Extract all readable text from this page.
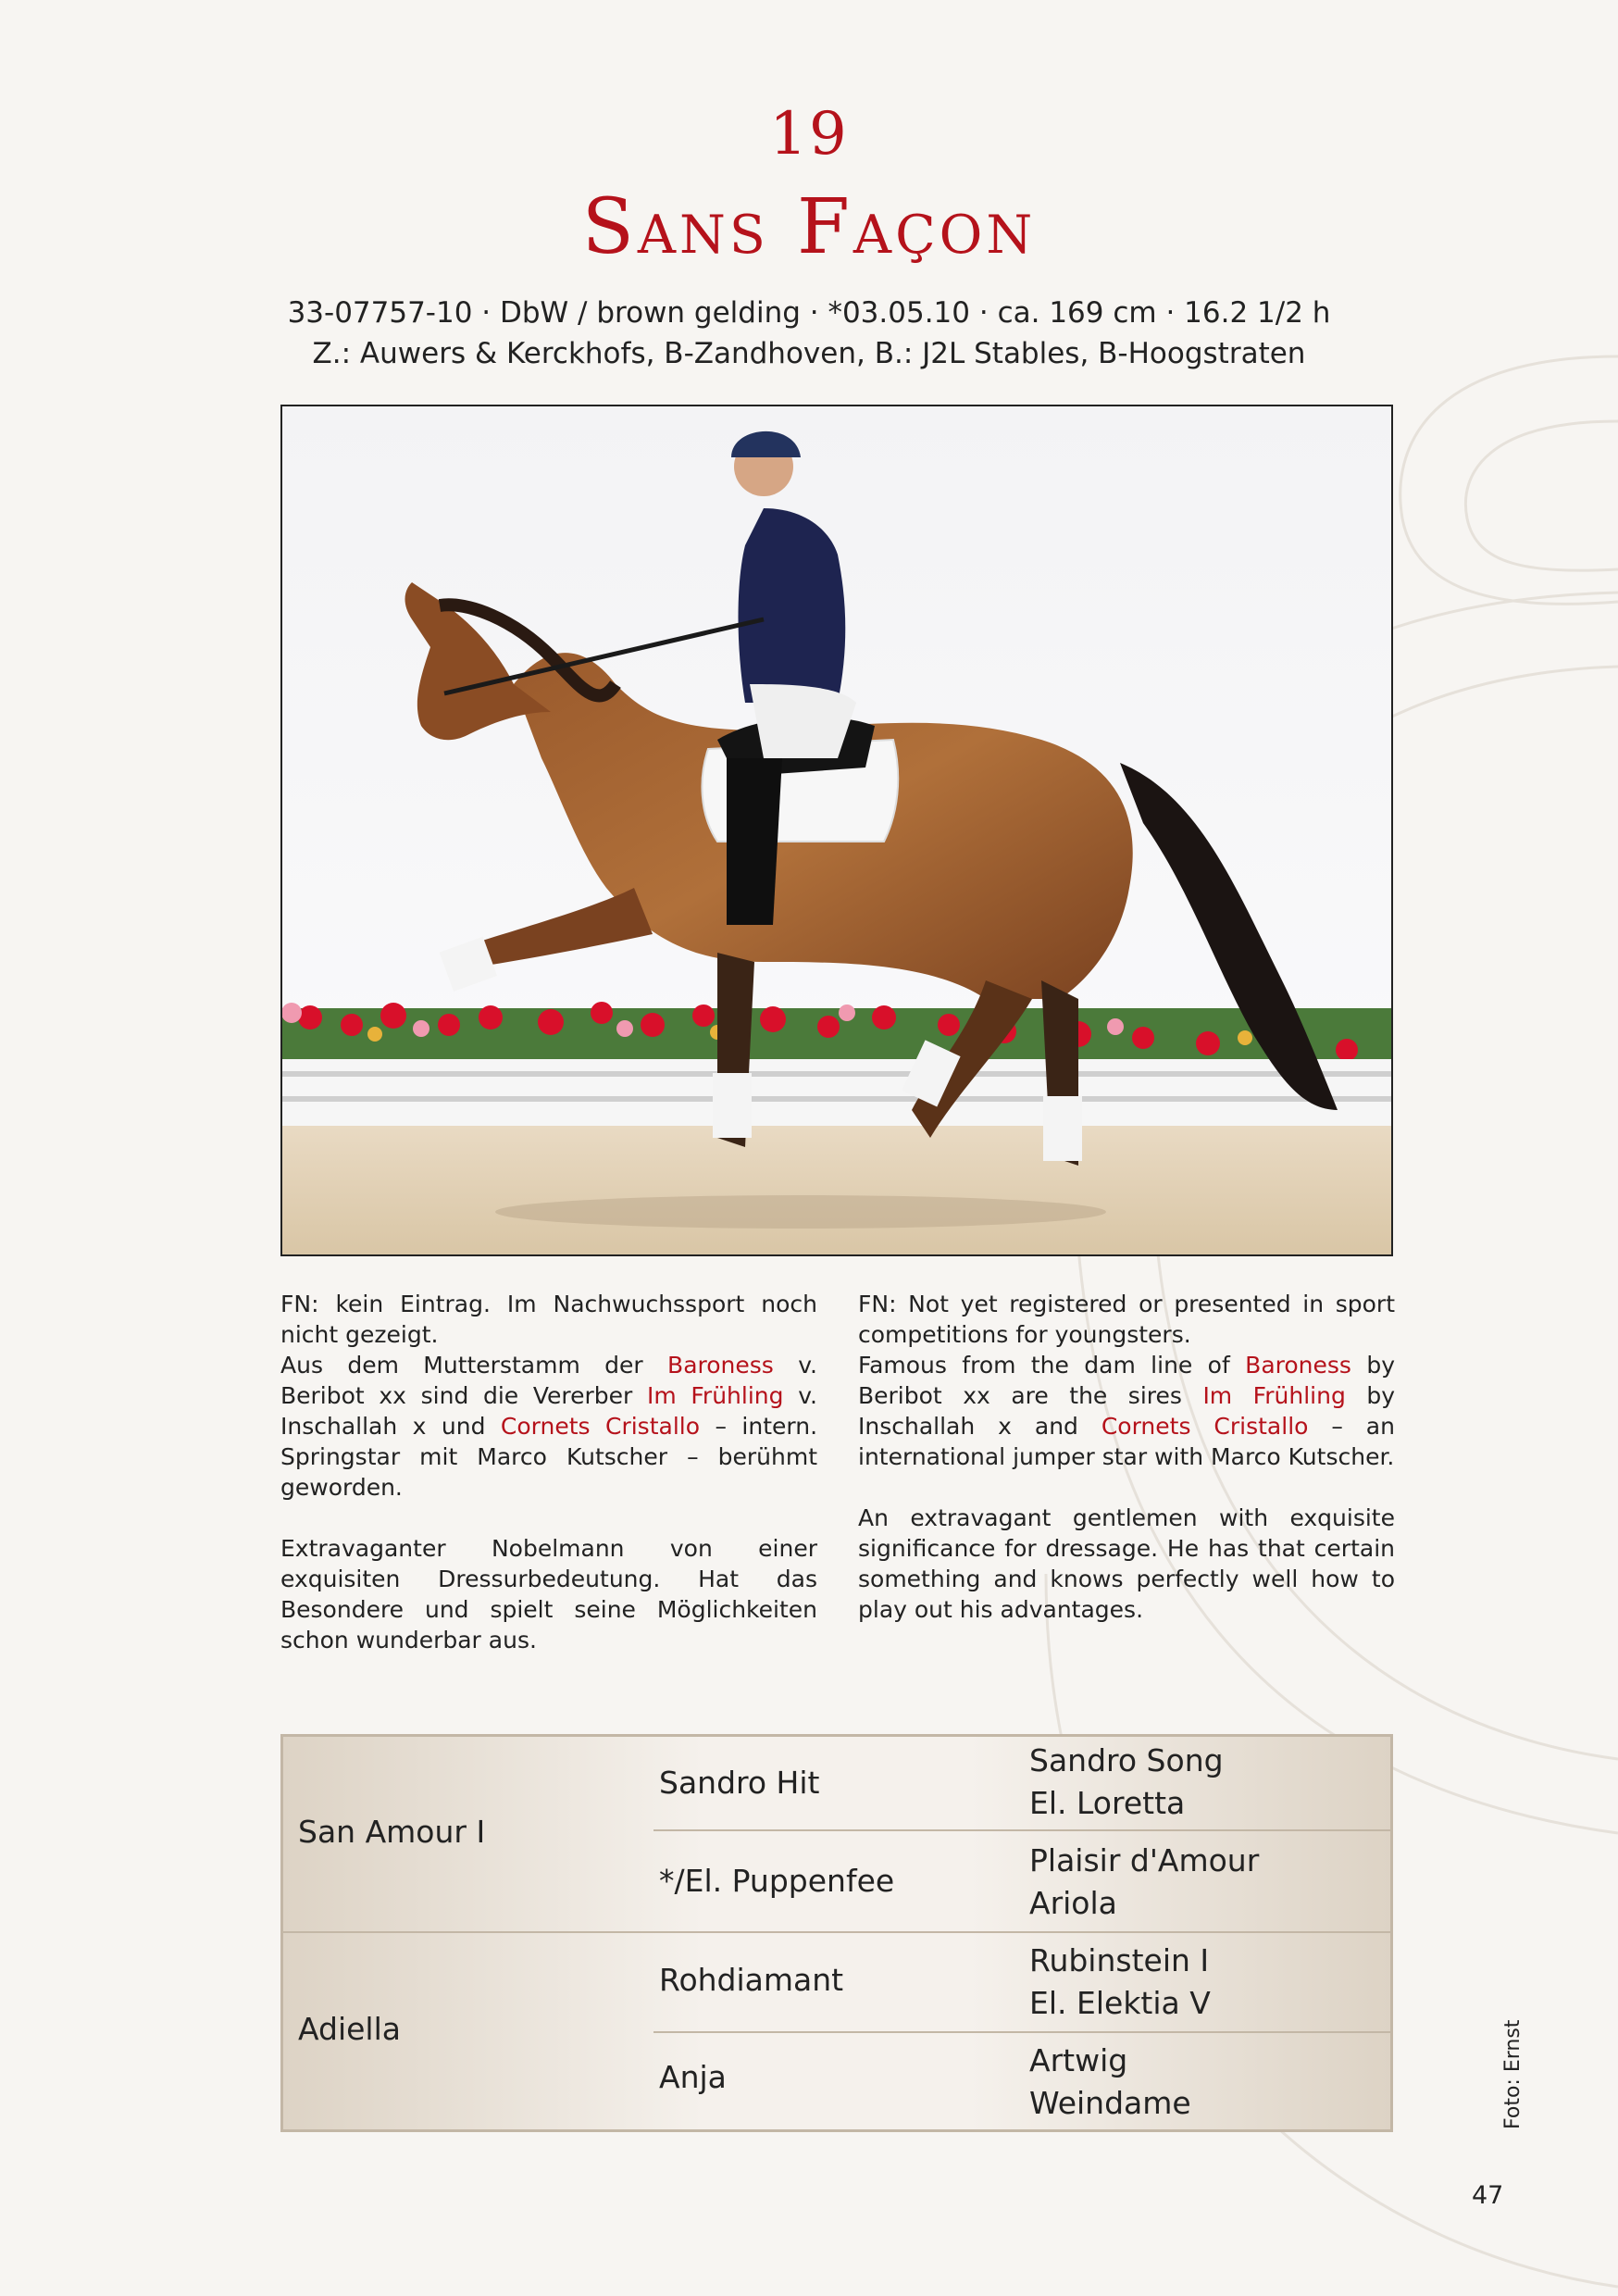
19
Sans Façon
33-07757-10 · DbW / brown gelding · *03.05.10 · ca. 169 cm · 16.2 1/2 h
Z.: Auwers & Kerckhofs, B-Zandhoven, B.: J2L Stables, B-Hoogstraten

FN: kein Eintrag. Im Nachwuchssport noch nicht gezeigt.
Aus dem Mutterstamm der Baroness v. Beribot xx sind die Vererber Im Frühling v. Inschallah x und Cornets Cristallo – intern. Springstar mit Marco Kutscher – berühmt geworden.

Extravaganter Nobelmann von einer exquisiten Dressurbedeutung. Hat das Besondere und spielt seine Möglichkeiten schon wunderbar aus.

FN: Not yet registered or presented in sport competitions for youngsters.
Famous from the dam line of Baroness by Beribot xx are the sires Im Frühling by Inschallah x and Cornets Cristallo – an international jumper star with Marco Kutscher.

An extravagant gentlemen with exquisite significance for dressage. He has that certain something and knows perfectly well how to play out his advantages.

San Amour I
Adiella
Sandro Hit
*/El. Puppenfee
Rohdiamant
Anja
Sandro Song
El. Loretta
Plaisir d'Amour
Ariola
Rubinstein I
El. Elektia V
Artwig
Weindame	Foto: Ernst
47
